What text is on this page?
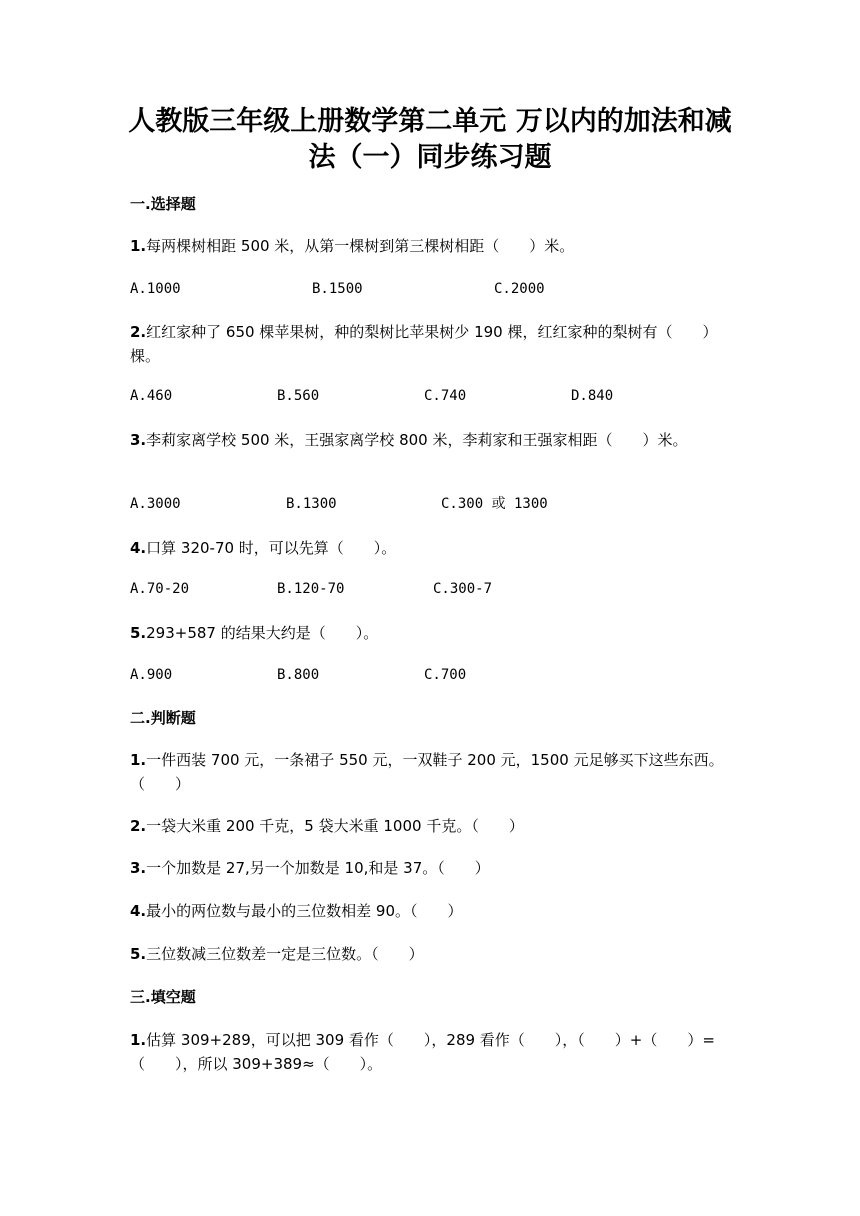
人教版三年级上册数学第二单元 万以内的加法和减
法（一）同步练习题
一.选择题
1.每两棵树相距 500 米，从第一棵树到第三棵树相距（　　）米。
A.1000	B.1500	C.2000
2.红红家种了 650 棵苹果树，种的梨树比苹果树少 190 棵，红红家种的梨树有（　　）棵。
A.460	B.560	C.740	D.840
3.李莉家离学校 500 米，王强家离学校 800 米，李莉家和王强家相距（　　）米。
A.3000	B.1300	C.300 或 1300
4.口算 320-70 时，可以先算（　　）。
A.70-20	B.120-70	C.300-7
5.293+587 的结果大约是（　　）。
A.900	B.800	C.700
二.判断题
1.一件西装 700 元，一条裙子 550 元，一双鞋子 200 元，1500 元足够买下这些东西。（　　）
2.一袋大米重 200 千克，5 袋大米重 1000 千克。（　　）
3.一个加数是 27,另一个加数是 10,和是 37。（　　）
4.最小的两位数与最小的三位数相差 90。（　　）
5.三位数减三位数差一定是三位数。（　　）
三.填空题
1.估算 309+289，可以把 309 看作（　　），289 看作（　　），（　　）+（　　）=（　　），所以 309+389≈（　　）。
